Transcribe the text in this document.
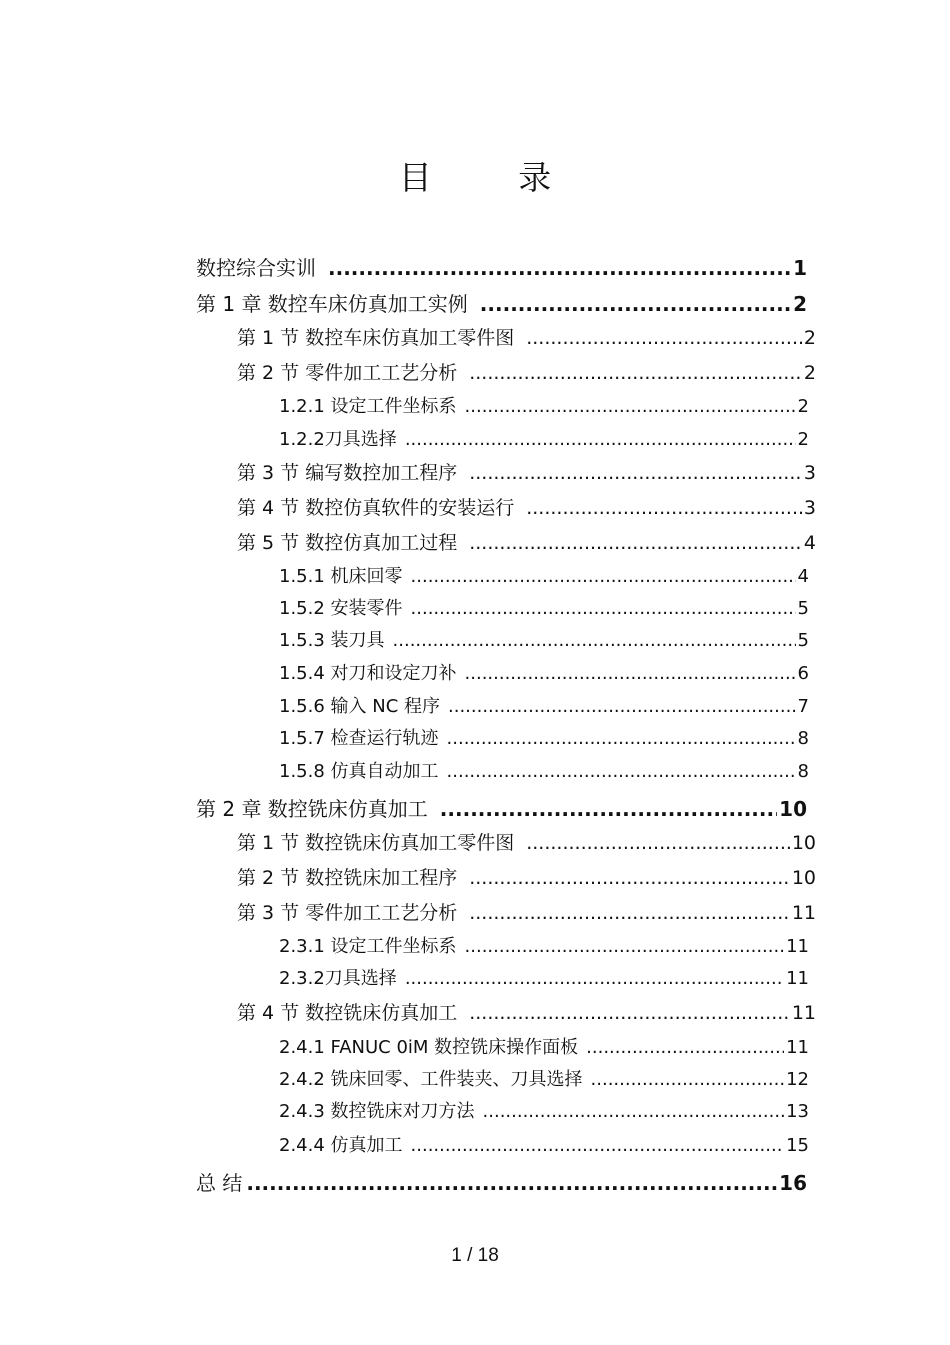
目 录
数控综合实训 .....	1
第 1 章 数控车床仿真加工实例 .....	2
第 1 节 数控车床仿真加工零件图 .....	2
第 2 节 零件加工工艺分析 .....	2
1.2.1 设定工件坐标系 .....	2
1.2.2刀具选择 .....	2
第 3 节 编写数控加工程序 .....	3
第 4 节 数控仿真软件的安装运行 .....	3
第 5 节 数控仿真加工过程 .....	4
1.5.1 机床回零 .....	4
1.5.2 安装零件 .....	5
1.5.3 装刀具 .....	5
1.5.4 对刀和设定刀补 .....	6
1.5.6 输入 NC 程序 .....	7
1.5.7 检查运行轨迹 .....	8
1.5.8 仿真自动加工 .....	8
第 2 章 数控铣床仿真加工 .....	10
第 1 节 数控铣床仿真加工零件图 .....	10
第 2 节 数控铣床加工程序 .....	10
第 3 节 零件加工工艺分析 .....	11
2.3.1 设定工件坐标系 .....	11
2.3.2刀具选择 .....	11
第 4 节 数控铣床仿真加工 .....	11
2.4.1 FANUC 0iM 数控铣床操作面板 .....	11
2.4.2 铣床回零、工件装夹、刀具选择 .....	12
2.4.3 数控铣床对刀方法 .....	13
2.4.4 仿真加工 .....	15
总 结 .....	16
1 / 18
